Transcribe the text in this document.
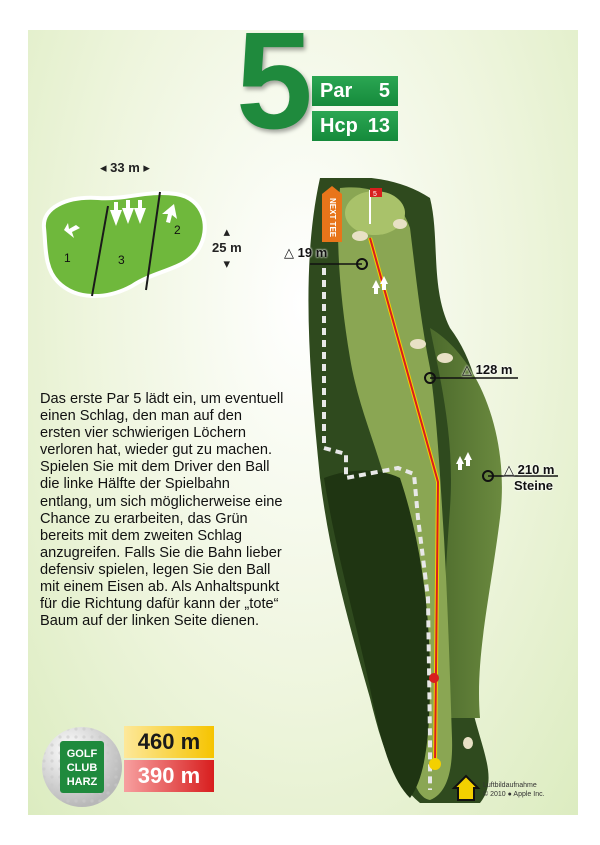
5 Par 5
Hcp 13
◂ 33 m ▸
▴
25 m
▾
1	3
2
Das erste Par 5 lädt ein, um eventuell einen Schlag, den man auf den ersten vier schwierigen Löchern verloren hat, wieder gut zu machen. Spielen Sie mit dem Driver den Ball die linke Hälfte der Spielbahn entlang, um sich möglicherweise eine Chance zu erarbeiten, das Grün bereits mit dem zweiten Schlag anzugreifen. Falls Sie die Bahn lieber defensiv spielen, legen Sie den Ball mit einem Eisen ab. Als Anhaltspunkt für die Richtung dafür kann der „tote“ Baum auf der linken Seite dienen.
5
NEXT TEE
△ 19 m
△ 128 m
△ 210 m
Steine
Luftbildaufnahme
© 2010 ● Apple Inc.
GOLF
CLUB
HARZ
460 m
390 m
